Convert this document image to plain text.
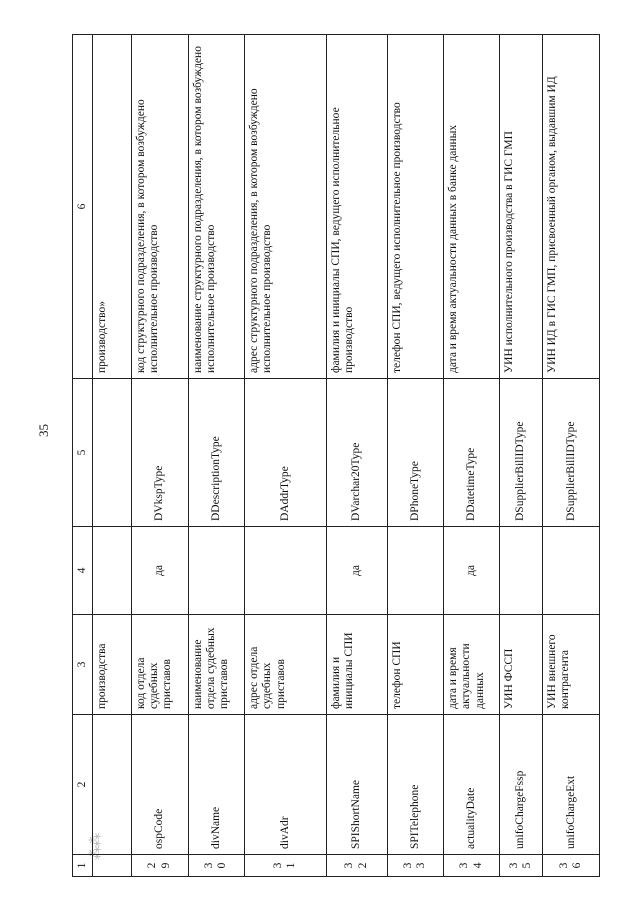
35
⁂⁂
1	2	3	4	5	6
		производства			производство»
29	ospCode	код отдела судебных приставов	да	DVkspType	код структурного подразделения, в котором возбуждено исполнительное производство
30	divName	наименование отдела судебных приставов		DDescriptionType	наименование структурного подразделения, в котором возбуждено исполнительное производство
31	divAdr	адрес отдела судебных приставов		DAddrType	адрес структурного подразделения, в котором возбуждено исполнительное производство
32	SPIShortName	фамилия и инициалы СПИ	да	DVarchar20Type	фамилия и инициалы СПИ, ведущего исполнительное производство
33	SPITelephone	телефон СПИ		DPhoneType	телефон СПИ, ведущего исполнительное производство
34	actualityDate	дата и время актуальности данных	да	DDatetimeType	дата и время актуальности данных в банке данных
35	unifoChargeFssp	УИН ФССП		DSupplierBillIDType	УИН исполнительного производства в ГИС ГМП
36	unifoChargeExt	УИН внешнего контрагента		DSupplierBillIDType	УИН ИД в ГИС ГМП, присвоенный органом, выдавшим ИД
